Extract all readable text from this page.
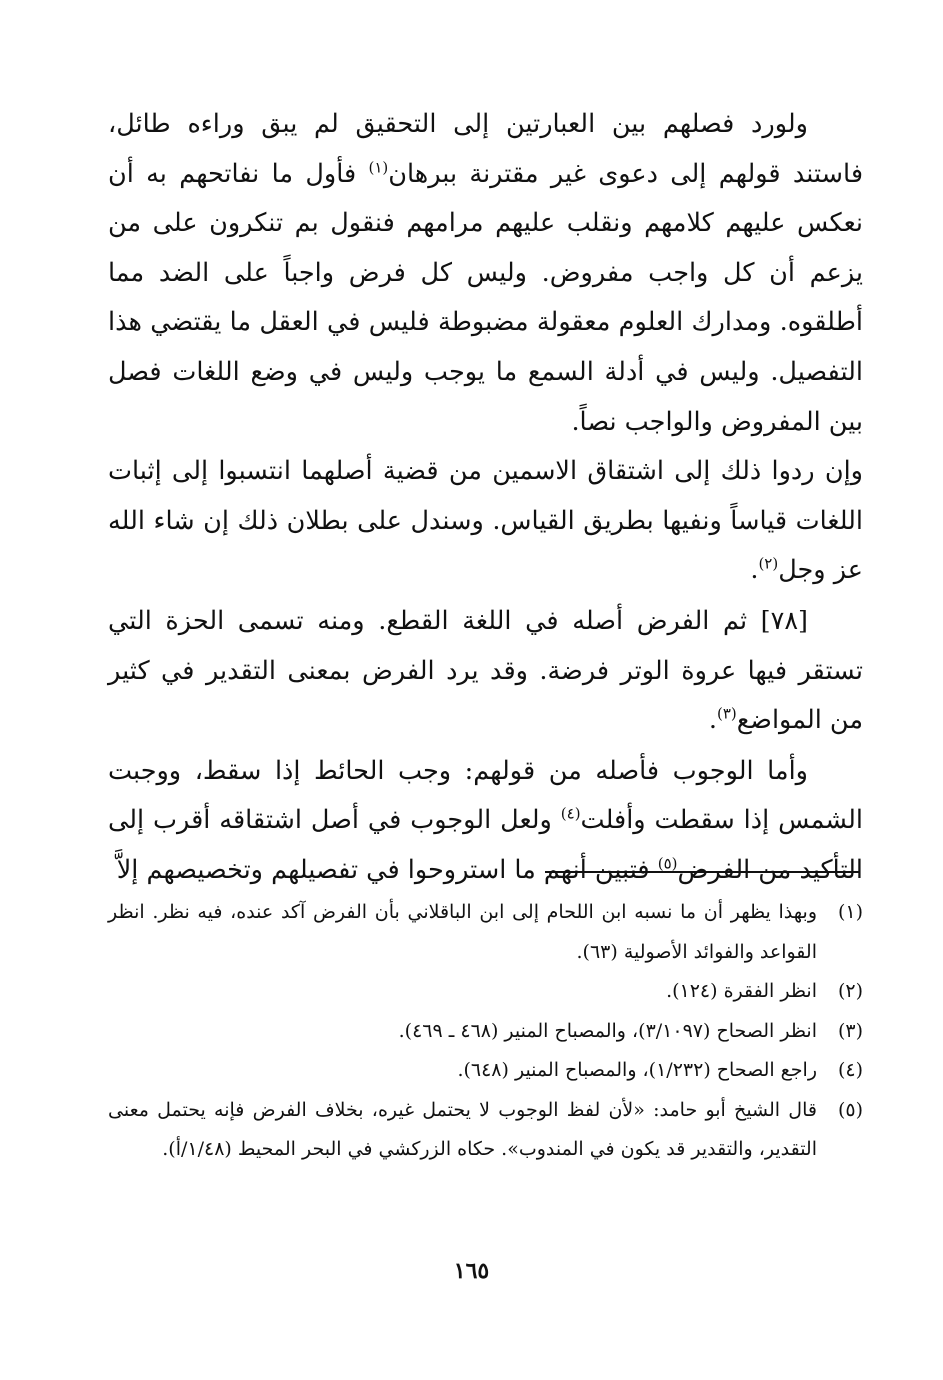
ولورد فصلهم بين العبارتين إلى التحقيق لم يبق وراءه طائل، فاستند قولهم إلى دعوى غير مقترنة ببرهان$^{(١)}$ فأول ما نفاتحهم به أن نعكس عليهم كلامهم ونقلب عليهم مرامهم فنقول بم تنكرون على من يزعم أن كل واجب مفروض. وليس كل فرض واجباً على الضد مما أطلقوه. ومدارك العلوم معقولة مضبوطة فليس في العقل ما يقتضي هذا التفصيل. وليس في أدلة السمع ما يوجب وليس في وضع اللغات فصل بين المفروض والواجب نصاً.

وإن ردوا ذلك إلى اشتقاق الاسمين من قضية أصلهما انتسبوا إلى إثبات اللغات قياساً ونفيها بطريق القياس. وسندل على بطلان ذلك إن شاء الله عز وجل$^{(٢)}$.

[٧٨] ثم الفرض أصله في اللغة القطع. ومنه تسمى الحزة التي تستقر فيها عروة الوتر فرضة. وقد يرد الفرض بمعنى التقدير في كثير من المواضع$^{(٣)}$.

وأما الوجوب فأصله من قولهم: وجب الحائط إذا سقط، ووجبت الشمس إذا سقطت وأفلت$^{(٤)}$ ولعل الوجوب في أصل اشتقاقه أقرب إلى التأكيد من الفرض$^{(٥)}$ فتبين أنهم ما استروحوا في تفصيلهم وتخصيصهم إلاَّ

(١)
وبهذا يظهر أن ما نسبه ابن اللحام إلى ابن الباقلاني بأن الفرض آكد عنده، فيه نظر. انظر القواعد والفوائد الأصولية (٦٣).
(٢)
انظر الفقرة (١٢٤).
(٣)
انظر الصحاح (٣/١٠٩٧)، والمصباح المنير (٤٦٨ ـ ٤٦٩).
(٤)
راجع الصحاح (١/٢٣٢)، والمصباح المنير (٦٤٨).
(٥)
قال الشيخ أبو حامد: «لأن لفظ الوجوب لا يحتمل غيره، بخلاف الفرض فإنه يحتمل معنى التقدير، والتقدير قد يكون في المندوب». حكاه الزركشي في البحر المحيط (١/٤٨/أ).
١٦٥
